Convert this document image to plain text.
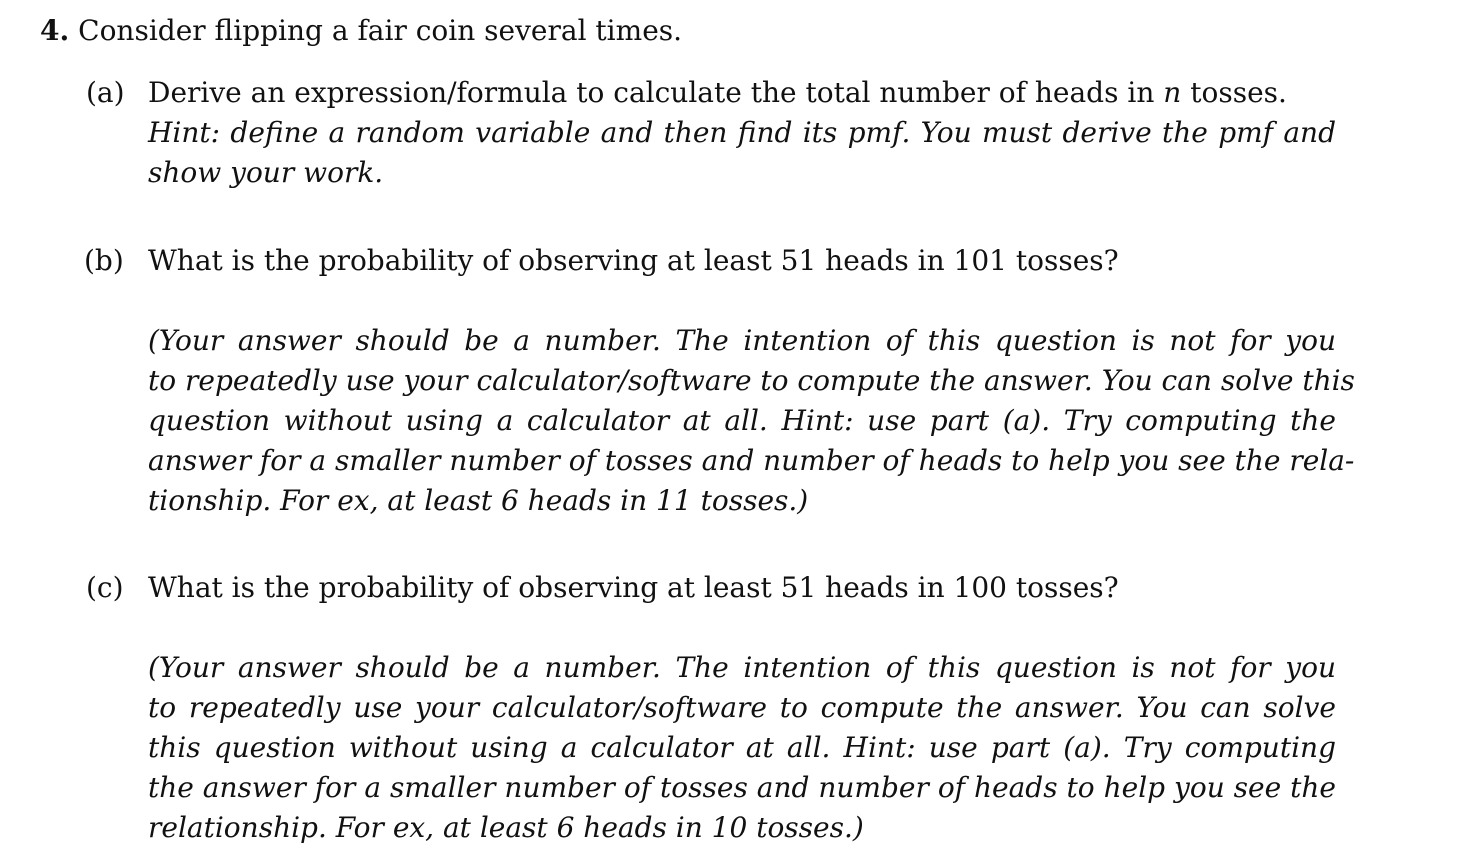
4. Consider flipping a fair coin several times.
(a) Derive an expression/formula to calculate the total number of heads in n tosses.
Hint: define a random variable and then find its pmf. You must derive the pmf and
show your work.
(b) What is the probability of observing at least 51 heads in 101 tosses?
(Your answer should be a number. The intention of this question is not for you
to repeatedly use your calculator/software to compute the answer. You can solve this
question without using a calculator at all. Hint: use part (a). Try computing the
answer for a smaller number of tosses and number of heads to help you see the rela-
tionship. For ex, at least 6 heads in 11 tosses.)
(c) What is the probability of observing at least 51 heads in 100 tosses?
(Your answer should be a number. The intention of this question is not for you
to repeatedly use your calculator/software to compute the answer. You can solve
this question without using a calculator at all. Hint: use part (a). Try computing
the answer for a smaller number of tosses and number of heads to help you see the
relationship. For ex, at least 6 heads in 10 tosses.)
